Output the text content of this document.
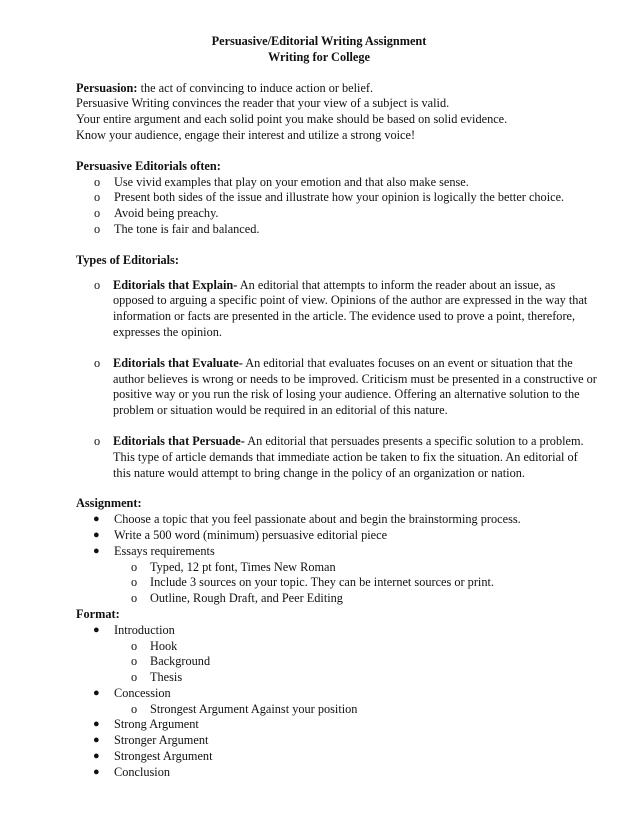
Persuasive/Editorial Writing Assignment

Writing for College

Persuasion: the act of convincing to induce action or belief.

Persuasive Writing convinces the reader that your view of a subject is valid.

Your entire argument and each solid point you make should be based on solid evidence.

Know your audience, engage their interest and utilize a strong voice!

Persuasive Editorials often:

o Use vivid examples that play on your emotion and that also make sense.
o Present both sides of the issue and illustrate how your opinion is logically the better choice.
o Avoid being preachy.
o The tone is fair and balanced.

Types of Editorials:

o Editorials that Explain- An editorial that attempts to inform the reader about an issue, as opposed to arguing a specific point of view. Opinions of the author are expressed in the way that information or facts are presented in the article. The evidence used to prove a point, therefore, expresses the opinion.
o Editorials that Evaluate- An editorial that evaluates focuses on an event or situation that the author believes is wrong or needs to be improved. Criticism must be presented in a constructive or positive way or you run the risk of losing your audience. Offering an alternative solution to the problem or situation would be required in an editorial of this nature.
o Editorials that Persuade- An editorial that persuades presents a specific solution to a problem. This type of article demands that immediate action be taken to fix the situation. An editorial of this nature would attempt to bring change in the policy of an organization or nation.

Assignment:

● Choose a topic that you feel passionate about and begin the brainstorming process.
● Write a 500 word (minimum) persuasive editorial piece
● Essays requirements
o Typed, 12 pt font, Times New Roman
o Include 3 sources on your topic. They can be internet sources or print.
o Outline, Rough Draft, and Peer Editing

Format:

● Introduction
o Hook
o Background
o Thesis
● Concession
o Strongest Argument Against your position
● Strong Argument
● Stronger Argument
● Strongest Argument
● Conclusion
